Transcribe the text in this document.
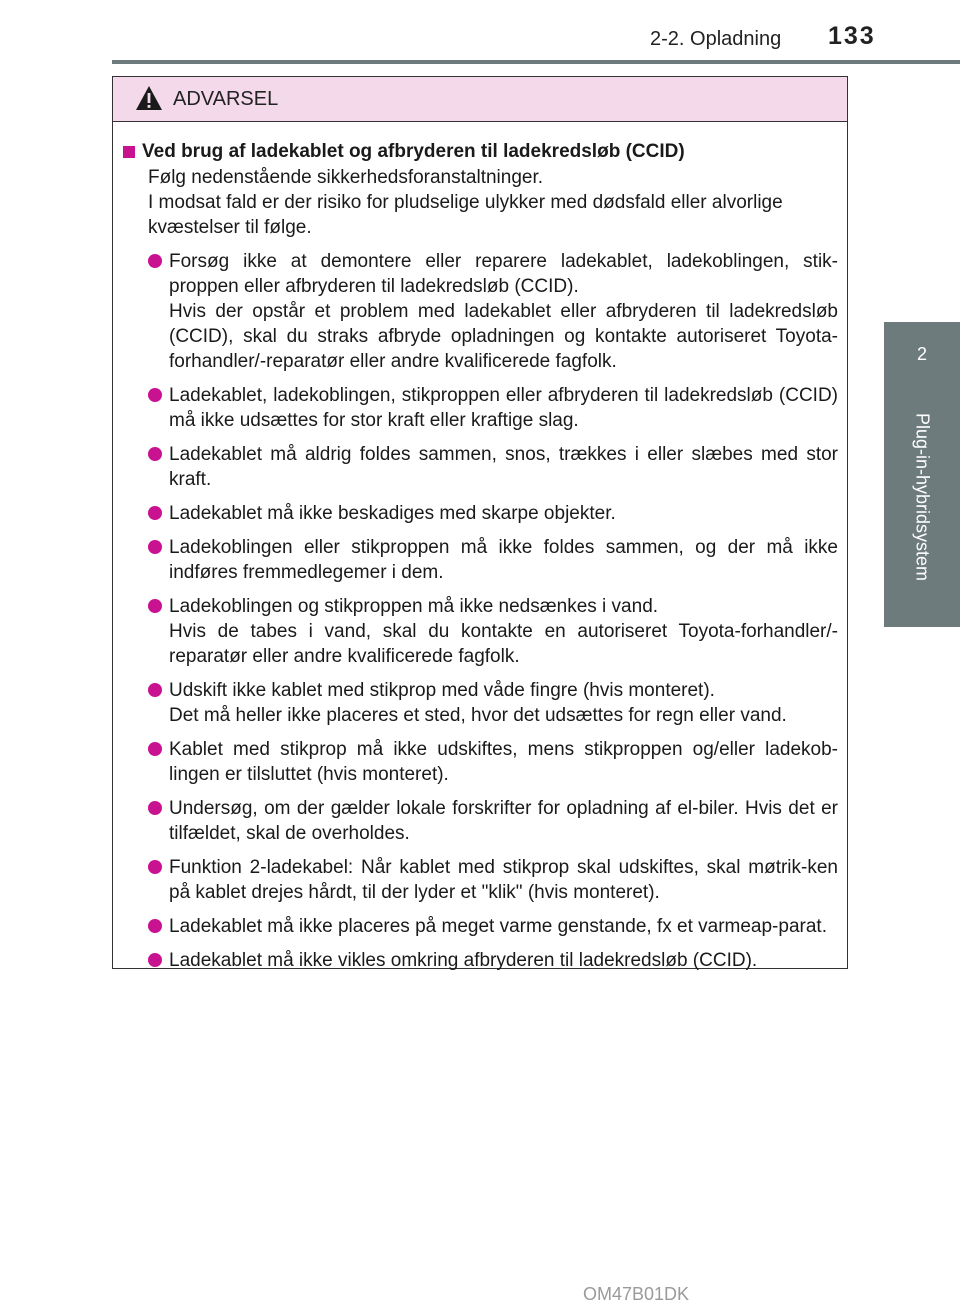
2-2. Opladning 133
2
Plug-in-hybridsystem
ADVARSEL
Ved brug af ladekablet og afbryderen til ladekredsløb (CCID)
Følg nedenstående sikkerhedsforanstaltninger.
I modsat fald er der risiko for pludselige ulykker med dødsfald eller alvorlige kvæstelser til følge.
Forsøg ikke at demontere eller reparere ladekablet, ladekoblingen, stik-proppen eller afbryderen til ladekredsløb (CCID).
Hvis der opstår et problem med ladekablet eller afbryderen til ladekredsløb (CCID), skal du straks afbryde opladningen og kontakte autoriseret Toyota-forhandler/-reparatør eller andre kvalificerede fagfolk.
Ladekablet, ladekoblingen, stikproppen eller afbryderen til ladekredsløb (CCID) må ikke udsættes for stor kraft eller kraftige slag.
Ladekablet må aldrig foldes sammen, snos, trækkes i eller slæbes med stor kraft.
Ladekablet må ikke beskadiges med skarpe objekter.
Ladekoblingen eller stikproppen må ikke foldes sammen, og der må ikke indføres fremmedlegemer i dem.
Ladekoblingen og stikproppen må ikke nedsænkes i vand.
Hvis de tabes i vand, skal du kontakte en autoriseret Toyota-forhandler/-reparatør eller andre kvalificerede fagfolk.
Udskift ikke kablet med stikprop med våde fingre (hvis monteret).
Det må heller ikke placeres et sted, hvor det udsættes for regn eller vand.
Kablet med stikprop må ikke udskiftes, mens stikproppen og/eller ladekob-lingen er tilsluttet (hvis monteret).
Undersøg, om der gælder lokale forskrifter for opladning af el-biler. Hvis det er tilfældet, skal de overholdes.
Funktion 2-ladekabel: Når kablet med stikprop skal udskiftes, skal møtrik-ken på kablet drejes hårdt, til der lyder et "klik" (hvis monteret).
Ladekablet må ikke placeres på meget varme genstande, fx et varmeap-parat.
Ladekablet må ikke vikles omkring afbryderen til ladekredsløb (CCID).
OM47B01DK
